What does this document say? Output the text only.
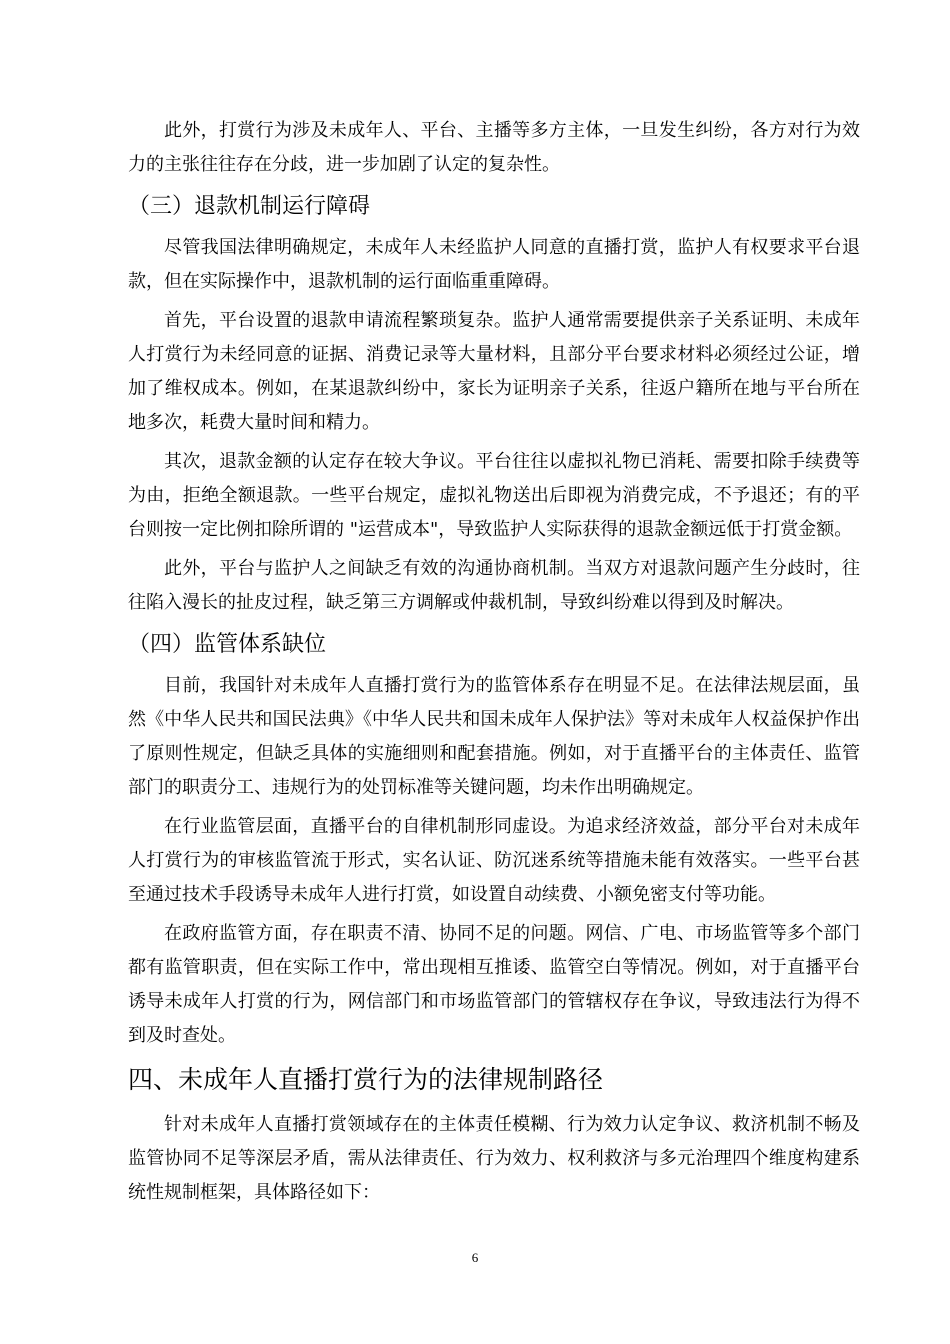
此外，打赏行为涉及未成年人、平台、主播等多方主体，一旦发生纠纷，各方对行为效力的主张往往存在分歧，进一步加剧了认定的复杂性。

（三）退款机制运行障碍

尽管我国法律明确规定，未成年人未经监护人同意的直播打赏，监护人有权要求平台退款，但在实际操作中，退款机制的运行面临重重障碍。

首先，平台设置的退款申请流程繁琐复杂。监护人通常需要提供亲子关系证明、未成年人打赏行为未经同意的证据、消费记录等大量材料，且部分平台要求材料必须经过公证，增加了维权成本。例如，在某退款纠纷中，家长为证明亲子关系，往返户籍所在地与平台所在地多次，耗费大量时间和精力。

其次，退款金额的认定存在较大争议。平台往往以虚拟礼物已消耗、需要扣除手续费等为由，拒绝全额退款。一些平台规定，虚拟礼物送出后即视为消费完成，不予退还；有的平台则按一定比例扣除所谓的 "运营成本"，导致监护人实际获得的退款金额远低于打赏金额。

此外，平台与监护人之间缺乏有效的沟通协商机制。当双方对退款问题产生分歧时，往往陷入漫长的扯皮过程，缺乏第三方调解或仲裁机制，导致纠纷难以得到及时解决。

（四）监管体系缺位

目前，我国针对未成年人直播打赏行为的监管体系存在明显不足。在法律法规层面，虽然《中华人民共和国民法典》《中华人民共和国未成年人保护法》等对未成年人权益保护作出了原则性规定，但缺乏具体的实施细则和配套措施。例如，对于直播平台的主体责任、监管部门的职责分工、违规行为的处罚标准等关键问题，均未作出明确规定。

在行业监管层面，直播平台的自律机制形同虚设。为追求经济效益，部分平台对未成年人打赏行为的审核监管流于形式，实名认证、防沉迷系统等措施未能有效落实。一些平台甚至通过技术手段诱导未成年人进行打赏，如设置自动续费、小额免密支付等功能。

在政府监管方面，存在职责不清、协同不足的问题。网信、广电、市场监管等多个部门都有监管职责，但在实际工作中，常出现相互推诿、监管空白等情况。例如，对于直播平台诱导未成年人打赏的行为，网信部门和市场监管部门的管辖权存在争议，导致违法行为得不到及时查处。

四、未成年人直播打赏行为的法律规制路径

针对未成年人直播打赏领域存在的主体责任模糊、行为效力认定争议、救济机制不畅及监管协同不足等深层矛盾，需从法律责任、行为效力、权利救济与多元治理四个维度构建系统性规制框架，具体路径如下：

6
